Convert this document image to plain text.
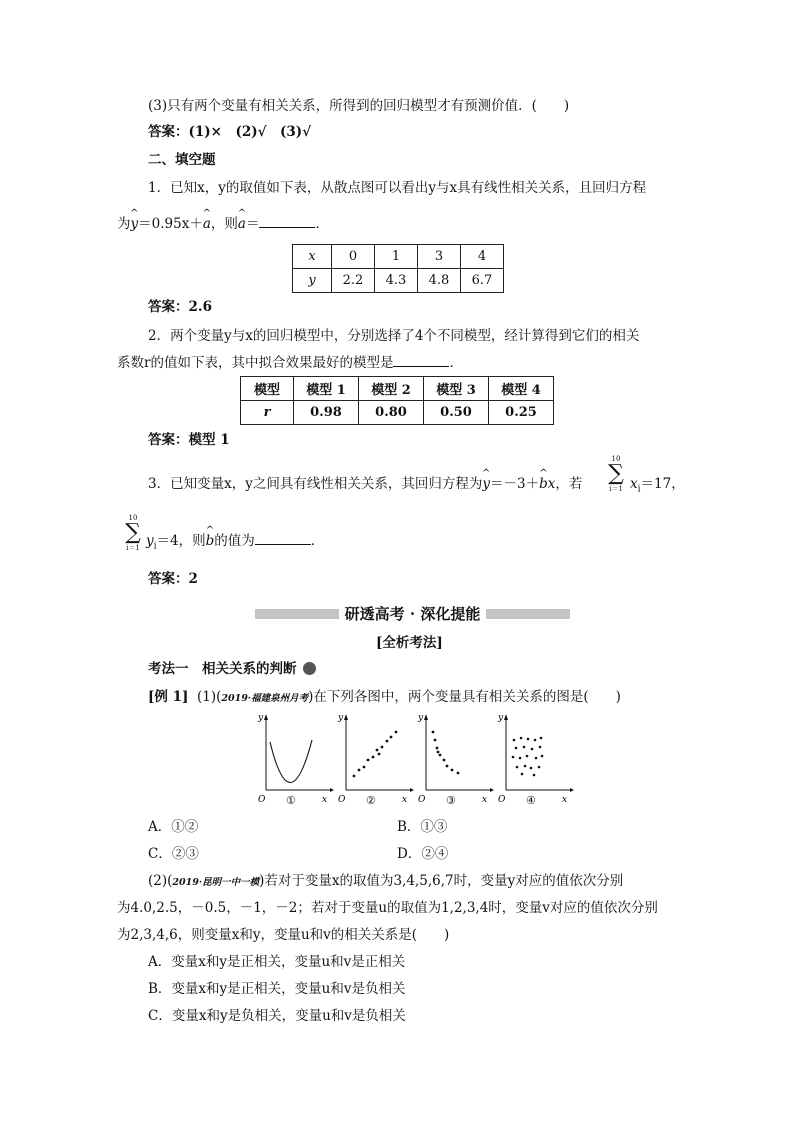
(3)只有两个变量有相关关系，所得到的回归模型才有预测价值．(　　)
答案：(1)×　(2)√　(3)√
二、填空题
1．已知x，y的取值如下表，从散点图可以看出y与x具有线性相关关系，且回归方程
为^ y＝0.95x＋^ a，则^ a＝	．
x	0	1	3	4
y	2.2	4.3	4.8	6.7
答案：2.6
2．两个变量y与x的回归模型中，分别选择了4个不同模型，经计算得到它们的相关
系数r的值如下表，其中拟合效果最好的模型是	．
模型	模型 1	模型 2	模型 3	模型 4
r	0.98	0.80	0.50	0.25
答案：模型 1
3．已知变量x，y之间具有线性相关关系，其回归方程为^ y＝－3＋^ bx，若
10
∑
i＝1 $x_i=17$，
10
∑
i＝1 $y_i=4$，则^ b的值为	．
答案：2
研透高考 · 深化提能
[全析考法]
考法一　相关关系的判断
[例 1] (1)(2019·福建泉州月考)在下列各图中，两个变量具有相关关系的图是(　　)
y
x
O ①
y
x
O ②
y
x
O ③
y
x
O ④
A．①②	B．①③
C．②③	D．②④
(2)(2019·昆明一中一模)若对于变量x的取值为3,4,5,6,7时，变量y对应的值依次分别
为4.0,2.5，－0.5，－1，－2；若对于变量u的取值为1,2,3,4时，变量v对应的值依次分别
为2,3,4,6，则变量x和y，变量u和v的相关关系是(　　)
A．变量x和y是正相关，变量u和v是正相关
B．变量x和y是正相关，变量u和v是负相关
C．变量x和y是负相关，变量u和v是负相关
